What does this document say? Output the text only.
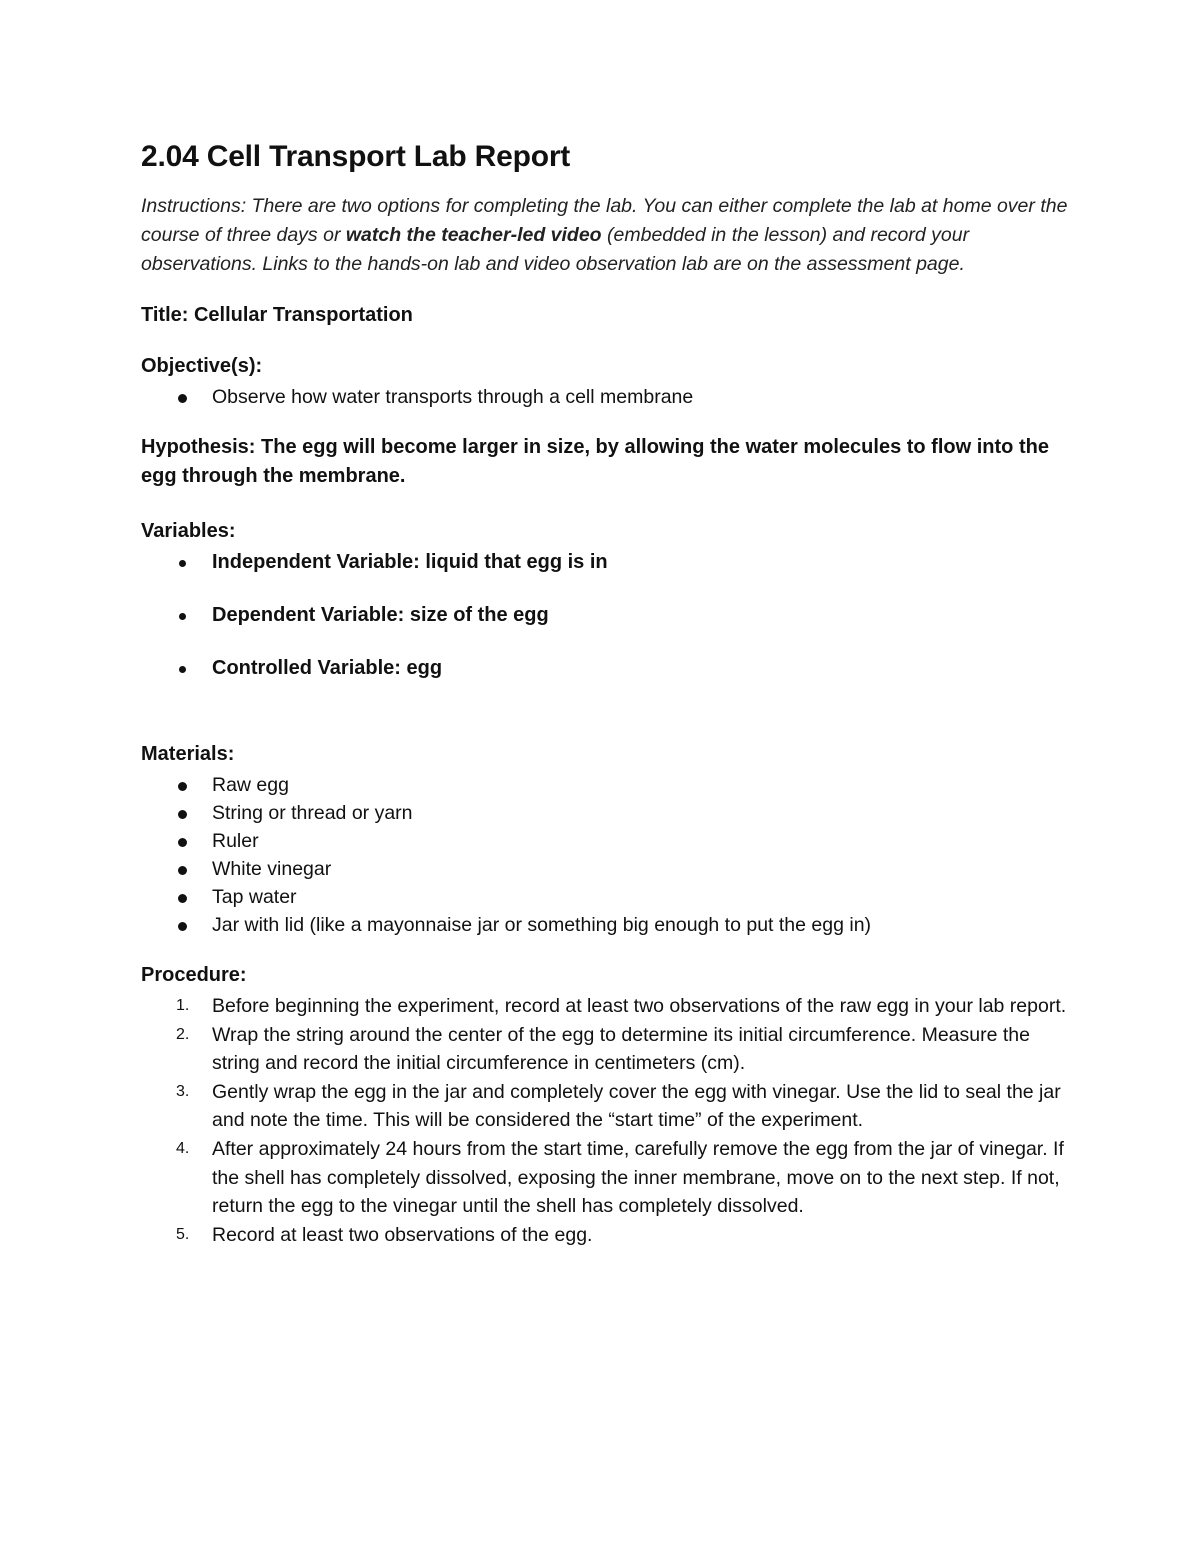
2.04 Cell Transport Lab Report

Instructions: There are two options for completing the lab. You can either complete the lab at home over the course of three days or watch the teacher-led video (embedded in the lesson) and record your observations. Links to the hands-on lab and video observation lab are on the assessment page.

Title: Cellular Transportation

Objective(s):

Observe how water transports through a cell membrane

Hypothesis: The egg will become larger in size, by allowing the water molecules to flow into the egg through the membrane.

Variables:

Independent Variable: liquid that egg is in
Dependent Variable: size of the egg
Controlled Variable: egg

Materials:

Raw egg
String or thread or yarn
Ruler
White vinegar
Tap water
Jar with lid (like a mayonnaise jar or something big enough to put the egg in)

Procedure:

1. Before beginning the experiment, record at least two observations of the raw egg in your lab report.
2. Wrap the string around the center of the egg to determine its initial circumference. Measure the string and record the initial circumference in centimeters (cm).
3. Gently wrap the egg in the jar and completely cover the egg with vinegar. Use the lid to seal the jar and note the time. This will be considered the “start time” of the experiment.
4. After approximately 24 hours from the start time, carefully remove the egg from the jar of vinegar. If the shell has completely dissolved, exposing the inner membrane, move on to the next step. If not, return the egg to the vinegar until the shell has completely dissolved.
5. Record at least two observations of the egg.
